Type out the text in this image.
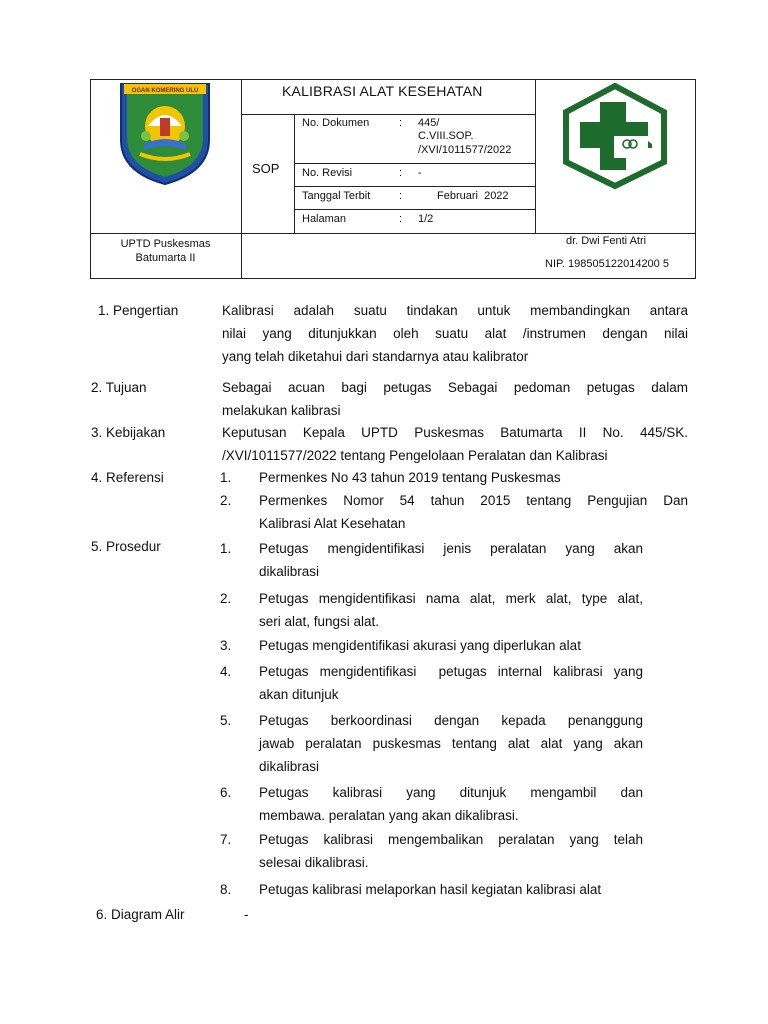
OGAN KOMERING ULU	KALIBRASI ALAT KESEHATAN
SOP
No. Dokumen	: 445/
C.VIII.SOP.
/XVI/1011577/2022
No. Revisi	: -
Tanggal Terbit	:	Februari  2022
Halaman	: 1/2
UPTD Puskesmas
Batumarta II
dr. Dwi Fenti Atri
NIP. 198505122014200 5
1. Pengertian	Kalibrasi adalah suatu tindakan untuk membandingkan antara
nilai yang ditunjukkan oleh suatu alat /instrumen dengan nilai
yang telah diketahui dari standarnya atau kalibrator
2. Tujuan	Sebagai acuan bagi petugas Sebagai pedoman petugas dalam
melakukan kalibrasi
3. Kebijakan	Keputusan Kepala UPTD Puskesmas Batumarta II No. 445/SK.
/XVI/1011577/2022 tentang Pengelolaan Peralatan dan Kalibrasi
4. Referensi	1. Permenkes No 43 tahun 2019 tentang Puskesmas
2. Permenkes Nomor 54 tahun 2015 tentang Pengujian Dan
Kalibrasi Alat Kesehatan
5. Prosedur	1. Petugas mengidentifikasi jenis peralatan yang akan
dikalibrasi
2. Petugas mengidentifikasi nama alat, merk alat, type alat,
seri alat, fungsi alat.
3. Petugas mengidentifikasi akurasi yang diperlukan alat
4. Petugas mengidentifikasi  petugas internal kalibrasi yang
akan ditunjuk
5. Petugas berkoordinasi dengan kepada penanggung
jawab peralatan puskesmas tentang alat alat yang akan
dikalibrasi
6. Petugas kalibrasi yang ditunjuk mengambil dan
membawa. peralatan yang akan dikalibrasi.
7. Petugas kalibrasi mengembalikan peralatan yang telah
selesai dikalibrasi.
8. Petugas kalibrasi melaporkan hasil kegiatan kalibrasi alat
6. Diagram Alir	-
